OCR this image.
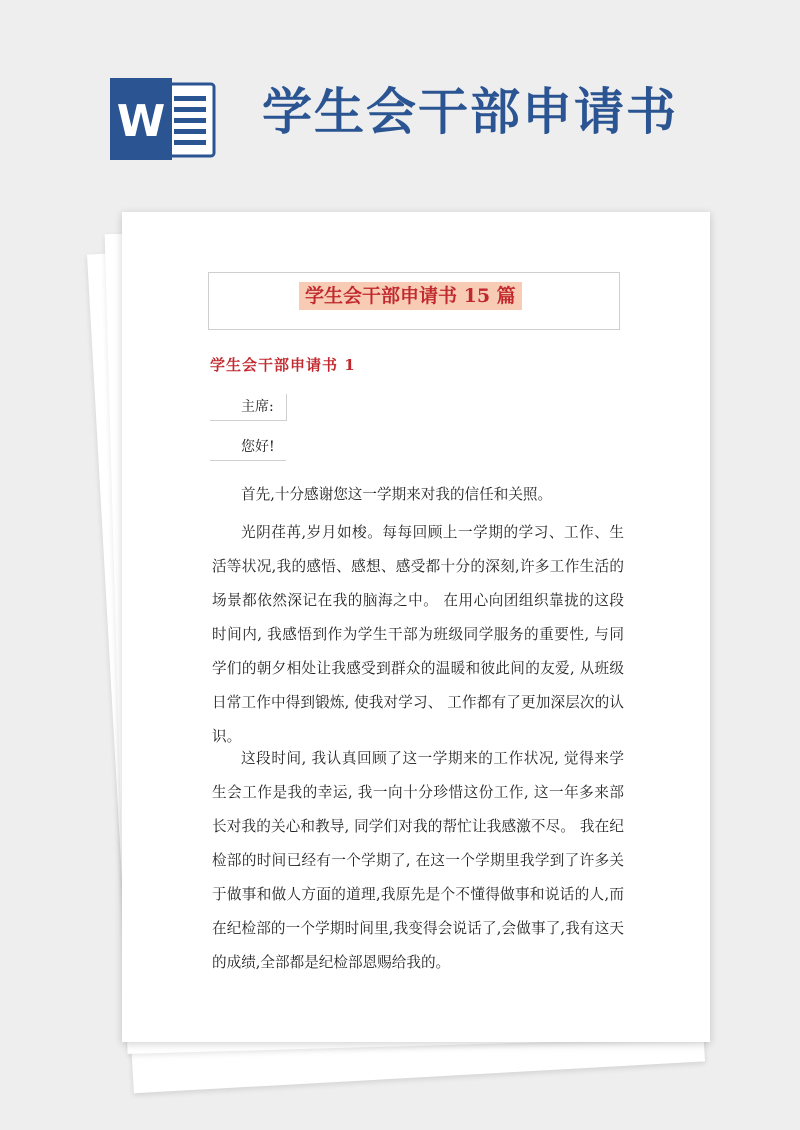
W 学生会干部申请书
学生会干部申请书 15 篇
学生会干部申请书 1
主席:
您好!

首先,十分感谢您这一学期来对我的信任和关照。

光阴荏苒,岁月如梭。每每回顾上一学期的学习、工作、生活等状况,我的感悟、感想、感受都十分的深刻,许多工作生活的场景都依然深记在我的脑海之中。 在用心向团组织靠拢的这段时间内, 我感悟到作为学生干部为班级同学服务的重要性, 与同学们的朝夕相处让我感受到群众的温暖和彼此间的友爱, 从班级日常工作中得到锻炼, 使我对学习、 工作都有了更加深层次的认识。

这段时间, 我认真回顾了这一学期来的工作状况, 觉得来学生会工作是我的幸运, 我一向十分珍惜这份工作, 这一年多来部长对我的关心和教导, 同学们对我的帮忙让我感激不尽。 我在纪检部的时间已经有一个学期了, 在这一个学期里我学到了许多关于做事和做人方面的道理,我原先是个不懂得做事和说话的人,而在纪检部的一个学期时间里,我变得会说话了,会做事了,我有这天的成绩,全部都是纪检部恩赐给我的。
